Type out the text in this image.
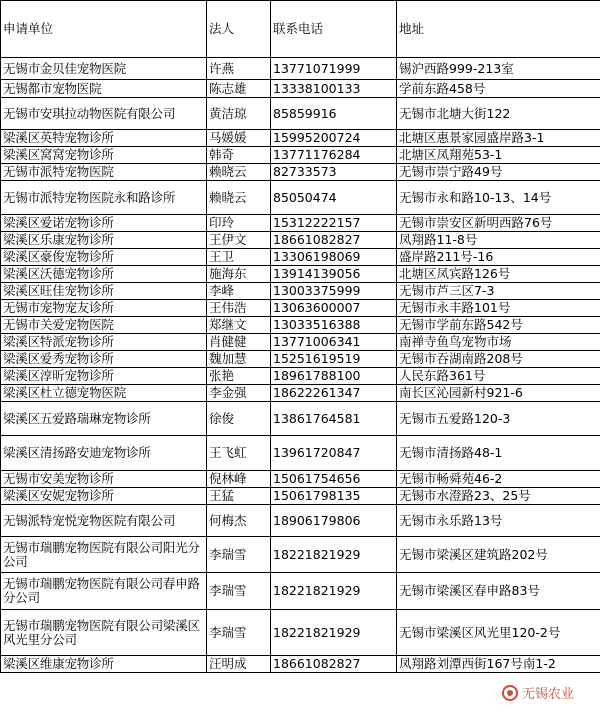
申请单位	法人	联系电话	地址
无锡市金贝佳宠物医院	许燕	13771071999	锡沪西路999-213室
无锡都市宠物医院	陈志雄	13338100133	学前东路458号
无锡市安琪拉动物医院有限公司	黄洁琼	85859916	无锡市北塘大街122
梁溪区英特宠物诊所	马媛媛	15995200724	北塘区惠景家园盛岸路3-1
梁溪区窝窝宠物诊所	韩奇	13771176284	北塘区凤翔苑53-1
无锡市派特宠物医院	赖晓云	82733573	无锡市崇宁路49号
无锡市派特宠物医院永和路诊所	赖晓云	85050474	无锡市永和路10-13、14号
梁溪区爱诺宠物诊所	印玲	15312222157	无锡市崇安区新明西路76号
梁溪区乐康宠物诊所	王伊文	18661082827	凤翔路11-8号
梁溪区豪俊宠物诊所	王卫	13306198069	盛岸路211号-16
梁溪区沃德宠物诊所	施海东	13914139056	北塘区凤宾路126号
梁溪区旺佳宠物诊所	李峰	13003375999	无锡市芦三区7-3
无锡市宠物宠友诊所	王伟浩	13063600007	无锡市永丰路101号
无锡市关爱宠物医院	郑继文	13033516388	无锡市学前东路542号
梁溪区特派宠物诊所	肖健健	13771006341	南禅寺鱼鸟宠物市场
梁溪区爱秀宠物诊所	魏加慧	15251619519	无锡市吞湖南路208号
梁溪区淳昕宠物诊所	张艳	18961788100	人民东路361号
梁溪区杜立德宠物医院	李金强	18622261347	南长区沁园新村921-6
梁溪区五爱路瑞琳宠物诊所	徐俊	13861764581	无锡市五爱路120-3
梁溪区清扬路安迪宠物诊所	王飞虹	13961720847	无锡市清扬路48-1
无锡市安美宠物诊所	倪林峰	15061754656	无锡市畅舜苑46-2
梁溪区安妮宠物诊所	王猛	15061798135	无锡市水澄路23、25号
无锡派特宠悦宠物医院有限公司	何梅杰	18906179806	无锡市永乐路13号
无锡市瑞鹏宠物医院有限公司阳光分公司	李瑞雪	18221821929	无锡市梁溪区建筑路202号
无锡市瑞鹏宠物医院有限公司春申路分公司	李瑞雪	18221821929	无锡市梁溪区春申路83号
无锡市瑞鹏宠物医院有限公司梁溪区风光里分公司	李瑞雪	18221821929	无锡市梁溪区风光里120-2号
梁溪区维康宠物诊所	汪明成	18661082827	凤翔路刘潭西街167号南1-2
无锡农业
